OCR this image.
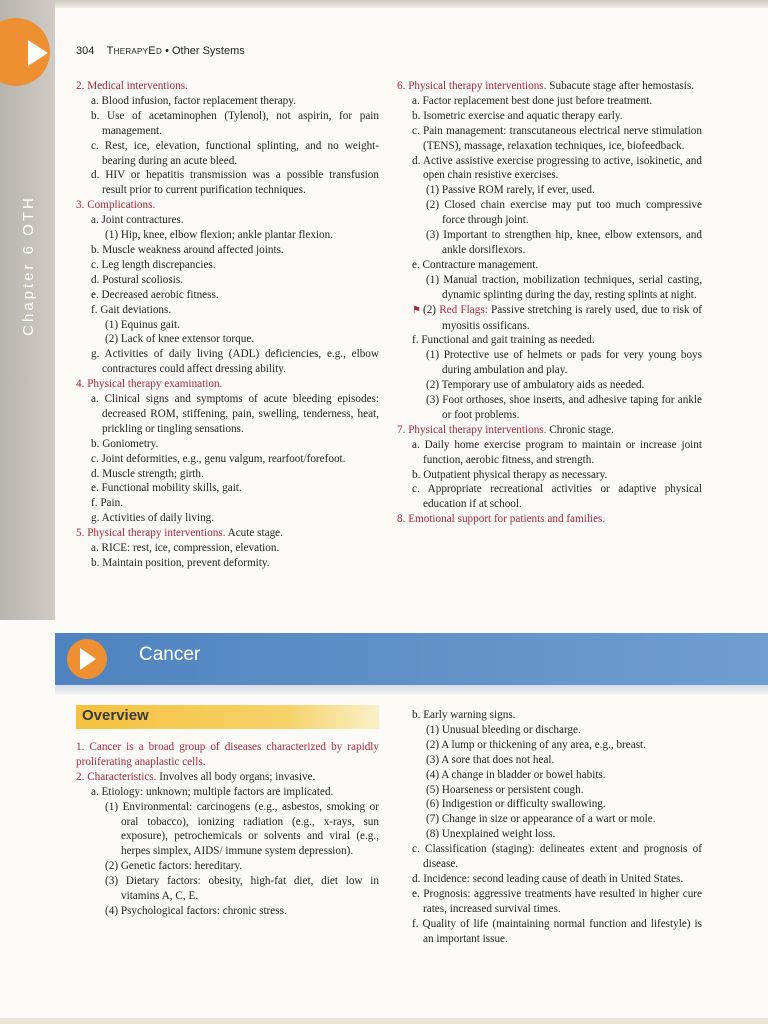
Chapter 6 OTH
304 TherapyEd • Other Systems
2. Medical interventions.
a. Blood infusion, factor replacement therapy.
b. Use of acetaminophen (Tylenol), not aspirin, for pain management.
c. Rest, ice, elevation, functional splinting, and no weight-bearing during an acute bleed.
d. HIV or hepatitis transmission was a possible transfusion result prior to current purification techniques.
3. Complications.
a. Joint contractures.
(1) Hip, knee, elbow flexion; ankle plantar flexion.
b. Muscle weakness around affected joints.
c. Leg length discrepancies.
d. Postural scoliosis.
e. Decreased aerobic fitness.
f. Gait deviations.
(1) Equinus gait.
(2) Lack of knee extensor torque.
g. Activities of daily living (ADL) deficiencies, e.g., elbow contractures could affect dressing ability.
4. Physical therapy examination.
a. Clinical signs and symptoms of acute bleeding episodes: decreased ROM, stiffening, pain, swelling, tenderness, heat, prickling or tingling sensations.
b. Goniometry.
c. Joint deformities, e.g., genu valgum, rearfoot/forefoot.
d. Muscle strength; girth.
e. Functional mobility skills, gait.
f. Pain.
g. Activities of daily living.
5. Physical therapy interventions. Acute stage.
a. RICE: rest, ice, compression, elevation.
b. Maintain position, prevent deformity.
6. Physical therapy interventions. Subacute stage after hemostasis.
a. Factor replacement best done just before treatment.
b. Isometric exercise and aquatic therapy early.
c. Pain management: transcutaneous electrical nerve stimulation (TENS), massage, relaxation techniques, ice, biofeedback.
d. Active assistive exercise progressing to active, isokinetic, and open chain resistive exercises.
(1) Passive ROM rarely, if ever, used.
(2) Closed chain exercise may put too much compressive force through joint.
(3) Important to strengthen hip, knee, elbow extensors, and ankle dorsiflexors.
e. Contracture management.
(1) Manual traction, mobilization techniques, serial casting, dynamic splinting during the day, resting splints at night.
⚑ (2) Red Flags: Passive stretching is rarely used, due to risk of myositis ossificans.
f. Functional and gait training as needed.
(1) Protective use of helmets or pads for very young boys during ambulation and play.
(2) Temporary use of ambulatory aids as needed.
(3) Foot orthoses, shoe inserts, and adhesive taping for ankle or foot problems.
7. Physical therapy interventions. Chronic stage.
a. Daily home exercise program to maintain or increase joint function, aerobic fitness, and strength.
b. Outpatient physical therapy as necessary.
c. Appropriate recreational activities or adaptive physical education if at school.
8. Emotional support for patients and families.
Cancer
Overview
1. Cancer is a broad group of diseases characterized by rapidly proliferating anaplastic cells.
2. Characteristics. Involves all body organs; invasive.
a. Etiology: unknown; multiple factors are implicated.
(1) Environmental: carcinogens (e.g., asbestos, smoking or oral tobacco), ionizing radiation (e.g., x-rays, sun exposure), petrochemicals or solvents and viral (e.g., herpes simplex, AIDS/ immune system depression).
(2) Genetic factors: hereditary.
(3) Dietary factors: obesity, high-fat diet, diet low in vitamins A, C, E.
(4) Psychological factors: chronic stress.
b. Early warning signs.
(1) Unusual bleeding or discharge.
(2) A lump or thickening of any area, e.g., breast.
(3) A sore that does not heal.
(4) A change in bladder or bowel habits.
(5) Hoarseness or persistent cough.
(6) Indigestion or difficulty swallowing.
(7) Change in size or appearance of a wart or mole.
(8) Unexplained weight loss.
c. Classification (staging): delineates extent and prognosis of disease.
d. Incidence: second leading cause of death in United States.
e. Prognosis: aggressive treatments have resulted in higher cure rates, increased survival times.
f. Quality of life (maintaining normal function and lifestyle) is an important issue.
